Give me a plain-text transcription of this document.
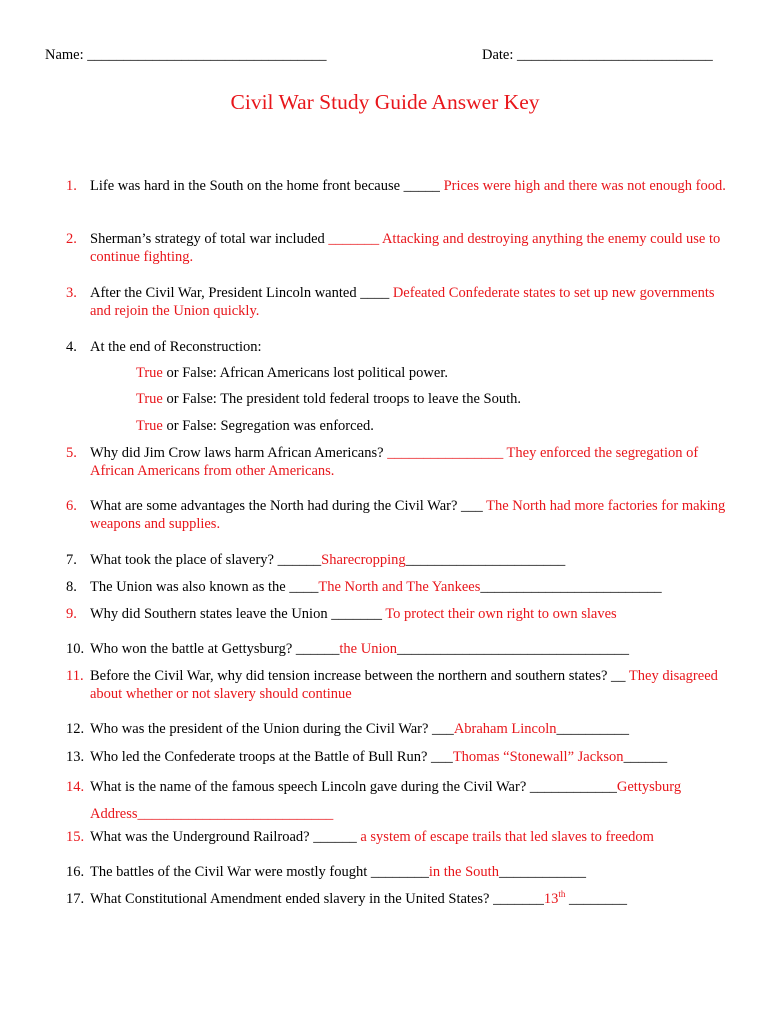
Name: _________________________________	Date: ___________________________
Civil War Study Guide Answer Key
1. Life was hard in the South on the home front because _____ Prices were high and there was not enough food.
2. Sherman’s strategy of total war included _______ Attacking and destroying anything the enemy could use to continue fighting.
3. After the Civil War, President Lincoln wanted ____ Defeated Confederate states to set up new governments and rejoin the Union quickly.
4. At the end of Reconstruction:
True or False: African Americans lost political power.
True or False: The president told federal troops to leave the South.
True or False: Segregation was enforced.
5. Why did Jim Crow laws harm African Americans? ________________ They enforced the segregation of African Americans from other Americans.
6. What are some advantages the North had during the Civil War? ___ The North had more factories for making weapons and supplies.
7. What took the place of slavery? ______Sharecropping______________________
8. The Union was also known as the ____The North and The Yankees_________________________
9. Why did Southern states leave the Union _______ To protect their own right to own slaves
10. Who won the battle at Gettysburg? ______the Union________________________________
11. Before the Civil War, why did tension increase between the northern and southern states? __ They disagreed about whether or not slavery should continue
12. Who was the president of the Union during the Civil War? ___Abraham Lincoln__________
13. Who led the Confederate troops at the Battle of Bull Run? ___Thomas “Stonewall” Jackson______
14. What is the name of the famous speech Lincoln gave during the Civil War? ____________Gettysburg Address___________________________
15. What was the Underground Railroad? ______ a system of escape trails that led slaves to freedom
16. The battles of the Civil War were mostly fought ________in the South____________
17. What Constitutional Amendment ended slavery in the United States? _______13th ________
